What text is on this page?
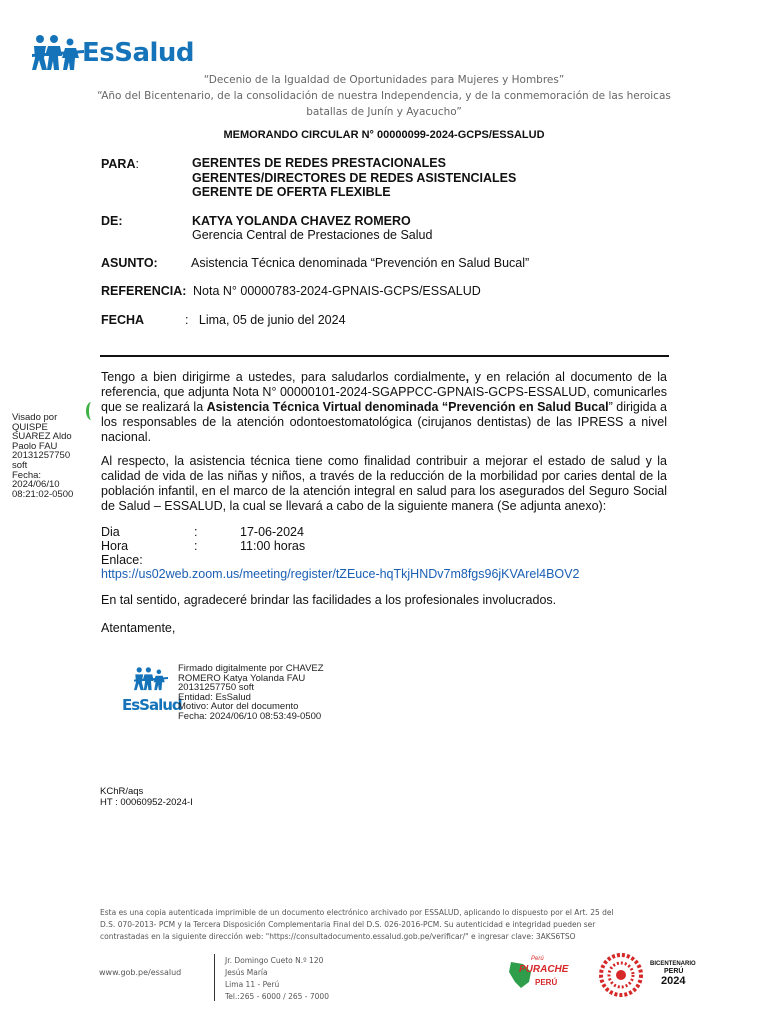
EsSalud
“Decenio de la Igualdad de Oportunidades para Mujeres y Hombres”
“Año del Bicentenario, de la consolidación de nuestra Independencia, y de la conmemoración de las heroicas
batallas de Junín y Ayacucho”
MEMORANDO CIRCULAR N° 00000099-2024-GCPS/ESSALUD
PARA:	GERENTES DE REDES PRESTACIONALES
GERENTES/DIRECTORES DE REDES ASISTENCIALES
GERENTE DE OFERTA FLEXIBLE
DE:	KATYA YOLANDA CHAVEZ ROMERO
Gerencia Central de Prestaciones de Salud
ASUNTO:	Asistencia Técnica denominada “Prevención en Salud Bucal”
REFERENCIA: Nota N° 00000783-2024-GPNAIS-GCPS/ESSALUD
FECHA	:   Lima, 05 de junio del 2024
Tengo a bien dirigirme a ustedes, para saludarlos cordialmente, y en relación al documento de la referencia, que adjunta Nota N° 00000101-2024-SGAPPCC-GPNAIS-GCPS-ESSALUD, comunicarles que se realizará la Asistencia Técnica Virtual denominada “Prevención en Salud Bucal” dirigida a los responsables de la atención odontoestomatológica (cirujanos dentistas) de las IPRESS a nivel nacional.
Al respecto, la asistencia técnica tiene como finalidad contribuir a mejorar el estado de salud y la calidad de vida de las niñas y niños, a través de la reducción de la morbilidad por caries dental de la población infantil, en el marco de la atención integral en salud para los asegurados del Seguro Social de Salud – ESSALUD, la cual se llevará a cabo de la siguiente manera (Se adjunta anexo):
Dia	:	17-06-2024
Hora	:	11:00 horas
Enlace:
https://us02web.zoom.us/meeting/register/tZEuce-hqTkjHNDv7m8fgs96jKVArel4BOV2
En tal sentido, agradeceré brindar las facilidades a los profesionales involucrados.
Atentamente,
Visado por
QUISPE
SUAREZ Aldo
Paolo FAU
20131257750
soft
Fecha:
2024/06/10
08:21:02-0500
EsSalud
Firmado digitalmente por CHAVEZ
ROMERO Katya Yolanda FAU
20131257750 soft
Entidad: EsSalud
Motivo: Autor del documento
Fecha: 2024/06/10 08:53:49-0500
KChR/aqs
HT : 00060952-2024-I
Esta es una copia autenticada imprimible de un documento electrónico archivado por ESSALUD, aplicando lo dispuesto por el Art. 25 del
D.S. 070-2013- PCM y la Tercera Disposición Complementaria Final del D.S. 026-2016-PCM. Su autenticidad e integridad pueden ser
contrastadas en la siguiente dirección web: "https://consultadocumento.essalud.gob.pe/verificar/" e ingresar clave: 3AKS6TSO
www.gob.pe/essalud
Jr. Domingo Cueto N.º 120
Jesús María
Lima 11 - Perú
Tel.:265 - 6000 / 265 - 7000
Perú
PURACHE
PERÚ
BICENTENARIO
PERÚ
2024
